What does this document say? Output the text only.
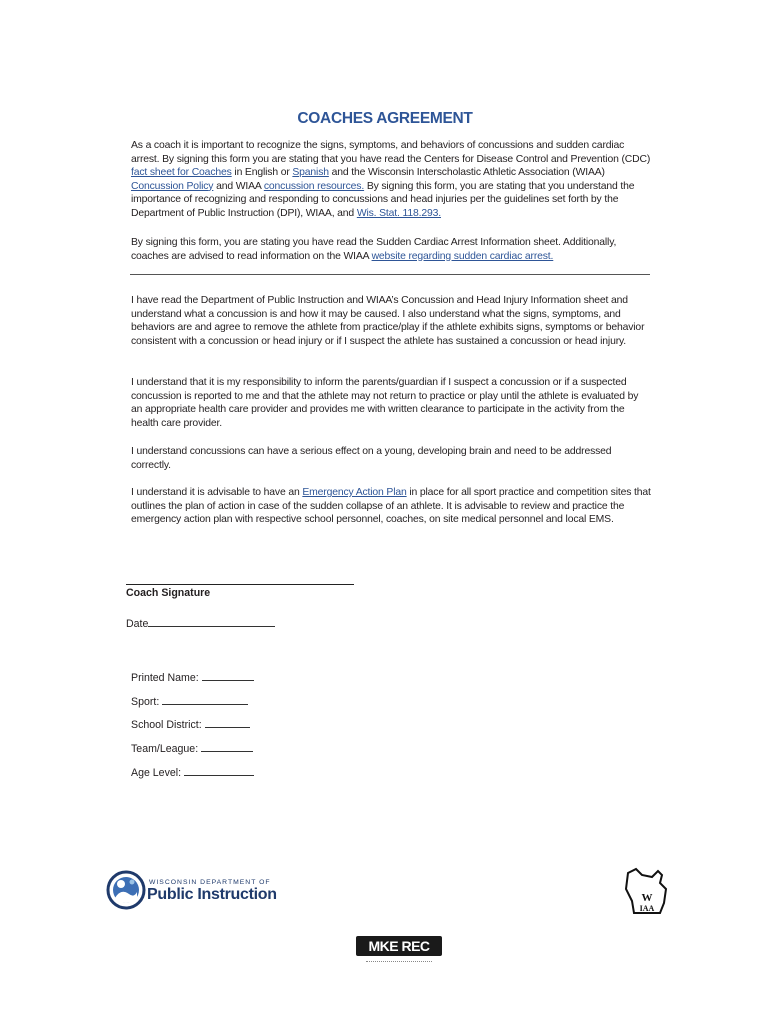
COACHES AGREEMENT
As a coach it is important to recognize the signs, symptoms, and behaviors of concussions and sudden cardiac arrest. By signing this form you are stating that you have read the Centers for Disease Control and Prevention (CDC) fact sheet for Coaches in English or Spanish and the Wisconsin Interscholastic Athletic Association (WIAA) Concussion Policy and WIAA concussion resources. By signing this form, you are stating that you understand the importance of recognizing and responding to concussions and head injuries per the guidelines set forth by the Department of Public Instruction (DPI), WIAA, and Wis. Stat. 118.293.
By signing this form, you are stating you have read the Sudden Cardiac Arrest Information sheet. Additionally, coaches are advised to read information on the WIAA website regarding sudden cardiac arrest.
I have read the Department of Public Instruction and WIAA’s Concussion and Head Injury Information sheet and understand what a concussion is and how it may be caused. I also understand what the signs, symptoms, and behaviors are and agree to remove the athlete from practice/play if the athlete exhibits signs, symptoms or behavior consistent with a concussion or head injury or if I suspect the athlete has sustained a concussion or head injury.
I understand that it is my responsibility to inform the parents/guardian if I suspect a concussion or if a suspected concussion is reported to me and that the athlete may not return to practice or play until the athlete is evaluated by an appropriate health care provider and provides me with written clearance to participate in the activity from the health care provider.
I understand concussions can have a serious effect on a young, developing brain and need to be addressed correctly.
I understand it is advisable to have an Emergency Action Plan in place for all sport practice and competition sites that outlines the plan of action in case of the sudden collapse of an athlete. It is advisable to review and practice the emergency action plan with respective school personnel, coaches, on site medical personnel and local EMS.
Coach Signature
Date
Printed Name:
Sport:
School District:
Team/League:
Age Level:
WISCONSIN DEPARTMENT OF
Public Instruction	W
IAA
MKE REC
